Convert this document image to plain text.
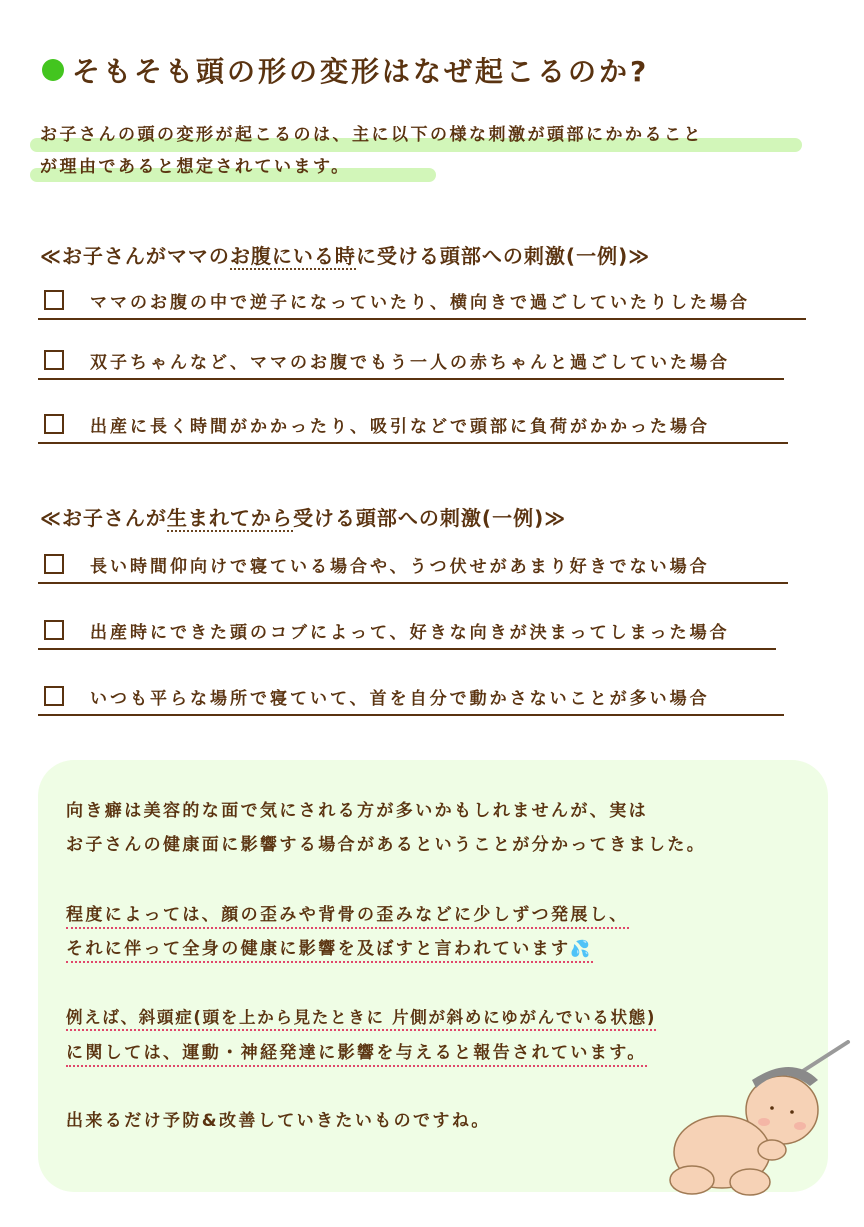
そもそも頭の形の変形はなぜ起こるのか?
お子さんの頭の変形が起こるのは、主に以下の様な刺激が頭部にかかること
が理由であると想定されています。
≪お子さんがママのお腹にいる時に受ける頭部への刺激(一例)≫
ママのお腹の中で逆子になっていたり、横向きで過ごしていたりした場合
双子ちゃんなど、ママのお腹でもう一人の赤ちゃんと過ごしていた場合
出産に長く時間がかかったり、吸引などで頭部に負荷がかかった場合
≪お子さんが生まれてから受ける頭部への刺激(一例)≫
長い時間仰向けで寝ている場合や、うつ伏せがあまり好きでない場合
出産時にできた頭のコブによって、好きな向きが決まってしまった場合
いつも平らな場所で寝ていて、首を自分で動かさないことが多い場合
向き癖は美容的な面で気にされる方が多いかもしれませんが、実は
お子さんの健康面に影響する場合があるということが分かってきました。
程度によっては、顔の歪みや背骨の歪みなどに少しずつ発展し、
それに伴って全身の健康に影響を及ぼすと言われています💦
例えば、斜頭症(頭を上から見たときに 片側が斜めにゆがんでいる状態)
に関しては、運動・神経発達に影響を与えると報告されています。
出来るだけ予防&改善していきたいものですね。
